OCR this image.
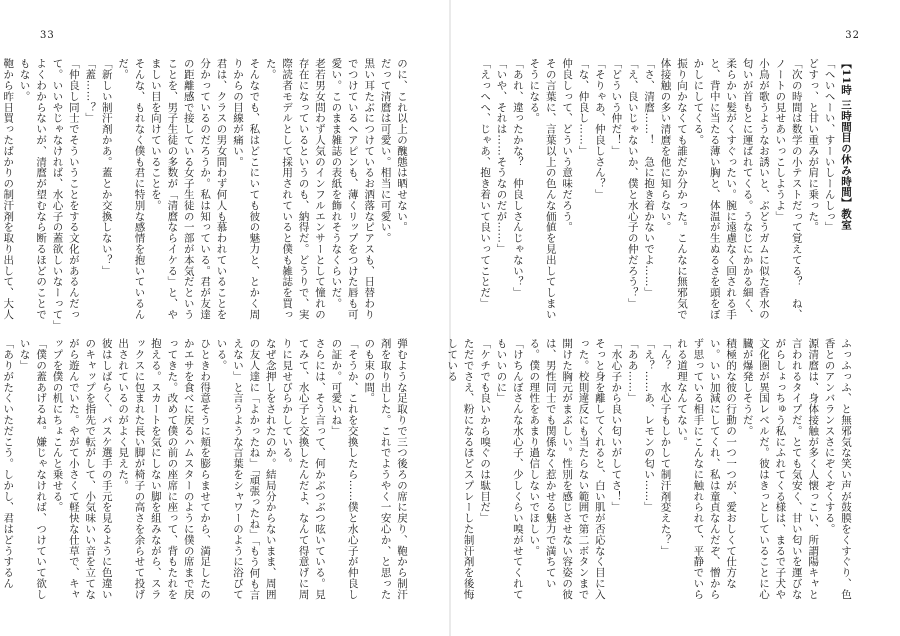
33

のに、これ以上の醜態は晒せない。

だって清麿は可愛い。相当に可愛い。

黒い耳たぶにつけているお洒落なピアスも、日替わりでつけているヘアピンも、薄くリップをつけた唇も可愛い。このまま雑誌の表紙を飾れそうなくらいだ。

老若男女問わず人気のインフルエンサーとして憧れの存在になっているというのも、納得だ。どうりで、実際読者モデルとして採用されていると僕も雑誌を買った。

そんなでも、私はどこにいても彼の魅力と、とかく周りからの目線が痛い。

君は、クラスの男女問わず何人も慕われていることを分かっているのだろうか。私は知っている。君が友達の距離感で接している女子生徒の一部が本気だということを、男子生徒の多数が「清麿ならイケる」と、やましい目を向けていることを。

そんな、もれなく僕も君に特別な感情を抱いているんだ。

「新しい制汗剤かあ。蓋とか交換しない？」

「蓋……？」

「仲良し同士でそういうことをする文化があるんだって。いいやじゃなければ、水心子の蓋欲しいなーって」

よくわからないが、清麿が望むなら断るほどのことでもない。

鞄から昨日買ったばかりの制汗剤を取り出して、大人

弾むような足取りで三つ後ろの席に戻り、鞄から制汗剤を取り出した。これでようやく一安心か、と思ったのも束の間。

「そうか、これを交換したら……僕と水心子が仲良しの証か。可愛いね」

さらには、そう言って、何かぶつぶつ呟いている。見てみて、水心子と交換したんだよ、なんて得意げに周りに見せびらかしている。

なぜ念押しをされたのか。結局分からないまま、周囲の友人達に「よかったね」「頑張ったね」「もう何も言えない」と言うような言葉をシャワーのように浴びている。

ひときわ得意そうに頬を膨らませてから、満足したのかエサを食べに戻るハムスターのように僕の席まで戻ってきた。改めて僕の前の座席に座って、背もたれを抱える。スカートを気にしない脚を組みながら、スラックスに包まれた長い脚が椅子の高さを余らせて投げ出されているのがよく見えた。

彼はしばらく、バスケ選手の手元を見るように色違いのキャップを指先で転がして、小気味いい音を立てながら遊んでいた。やがて小さくて軽快な仕草で、キャップを僕の机にちょこんと乗せる。

「僕の蓋あげるね。嫌じゃなければ、つけていて欲しいな」

「ありがたくいただこう。しかし、君はどうするん

32

【11時 三時間目の休み時間】教室

「へいへーい、すーいしーんしっ」

どすっ、と甘い重みが肩に乗った。

「次の時間は数学の小テストだって覚えてる？　ね、ノートの見せあいっこしようよ」

小鳥が歌うようなお誘いと、ぶどうガムに似た香水の匂いが首もとに運ばれてくる。うなじにかかる細く、柔らかい髪がくすぐったい。腕に遠慮なく回される手と、背中に当たる薄い胸と、体温が生ぬるさを頭をぼかしにしてくる。

振り向かなくても誰だか分かった。こんなに無邪気で体接触の多い清麿を他に知らない。

「さ、清麿……！　急に抱き着かないでよ……」

「え、良いじゃないか、僕と水心子の仲だろう？」

「どういう仲だ！」

「そりゃあ、仲良しさん？」

「な、仲良し……」

仲良しって、どういう意味だろう。

その言葉に、言葉以上の色んな価値を見出してしまいそうになる。

「あれ、違ったかな？　仲良しさんじゃない？」

「いや、それは……そうなのだが……」

「えっへへ、じゃあ、抱き着いて良いってことだ」

ふっふっふ、と無邪気な笑い声が鼓膜をくすぐり、色香とのアンバランスさにぞくぞくする。

源清麿は、身体接触が多く人懐っこい、所謂陽キャと言われるタイプだ。とても気安く、甘い匂いを運びながらしょっちゅう私にふれてくる様は、まるで子犬や文化圏が異国レベルだ。彼はきっとしていることに心臓が爆発しそうだ。

積極的な彼の行動の一つ一つが、愛おしくて仕方ない。いい加減にしてくれ、私は童貞なんだぞ、憎からず思っている相手にこんなに触れられて、平静でいられる道理なんてない。

「ん？　水心子もしかして制汗剤変えた？」

「え？……あ、レモンの匂い……」

「ああ……」

「水心子から良い匂いがしてさ！」

そっと身を離してくれると、白い肌が否応なく目に入った。校則違反にも当たらない範囲で第二ボタンまで開けた胸元がまぶしい。性別を感じさせない容姿の彼は、男性同士でも関係なく惹かせる魅力で満ちている。僕の理性をあまり過信しないでほしい。

「けちんぼさんな水心子、少しくらい嗅がせてくれてもいいのに」

「ケチでも良いから嗅ぐのは駄目だ」

ただでさえ、粉になるほどスプレーした制汗剤を後悔している
